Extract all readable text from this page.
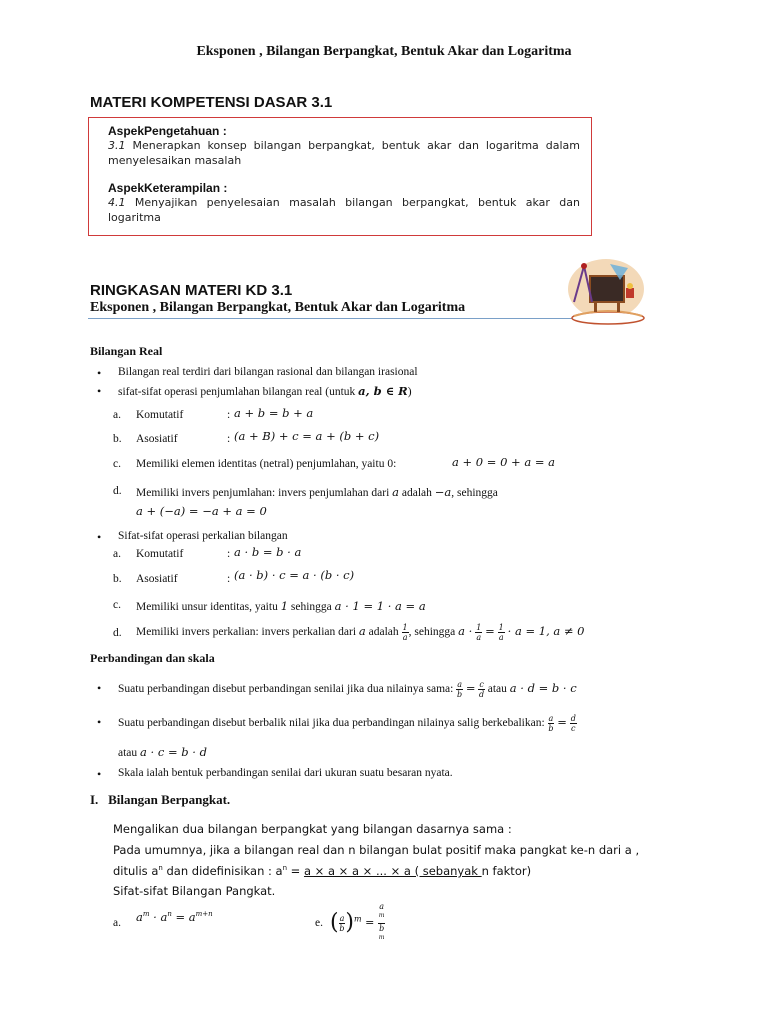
Eksponen , Bilangan Berpangkat, Bentuk Akar dan Logaritma
MATERI KOMPETENSI DASAR 3.1
AspekPengetahuan :
3.1 Menerapkan konsep bilangan berpangkat, bentuk akar dan logaritma dalam menyelesaikan masalah
AspekKeterampilan :
4.1 Menyajikan penyelesaian masalah bilangan berpangkat, bentuk akar dan logaritma
RINGKASAN MATERI KD 3.1
Eksponen , Bilangan Berpangkat, Bentuk Akar dan Logaritma
Bilangan Real
• Bilangan real terdiri dari bilangan rasional dan bilangan irasional
• sifat-sifat operasi penjumlahan bilangan real (untuk a, b ∈ R)
a. Komutatif	: a + b = b + a
b. Asosiatif	: (a + B) + c = a + (b + c)
c. Memiliki elemen identitas (netral) penjumlahan, yaitu 0:	a + 0 = 0 + a = a
d. Memiliki invers penjumlahan: invers penjumlahan dari a adalah −a, sehingga
a + (−a) = −a + a = 0
• Sifat-sifat operasi perkalian bilangan
a. Komutatif	: a · b = b · a
b. Asosiatif	: (a · b) · c = a · (b · c)
c. Memiliki unsur identitas, yaitu 1 sehingga a · 1 = 1 · a = a
d. Memiliki invers perkalian: invers perkalian dari a adalah $\frac{1}{a}$ , sehingga $a \cdot \frac{1}{a} = \frac{1}{a} \cdot a = 1$, a ≠ 0
Perbandingan dan skala
• Suatu perbandingan disebut perbandingan senilai jika dua nilainya sama: $\frac{a}{b} = \frac{c}{d}$ atau a · d = b · c
• Suatu perbandingan disebut berbalik nilai jika dua perbandingan nilainya salig berkebalikan: $\frac{a}{b} = \frac{d}{c}$
atau a · c = b · d
• Skala ialah bentuk perbandingan senilai dari ukuran suatu besaran nyata.
I. Bilangan Berpangkat.
Mengalikan dua bilangan berpangkat yang bilangan dasarnya sama :
Pada umumnya, jika a bilangan real dan n bilangan bulat positif maka pangkat ke-n dari a ,
ditulis $a^n$ dan didefinisikan : $a^n = a \times a \times a$ × ... × a ( sebanyak n faktor)
Sifat-sifat Bilangan Pangkat.
a. $a^m \cdot a^n = a^{m+n}$
e. ( $\frac{a}{b} )^m = a$
$^m$
b
$^m$
